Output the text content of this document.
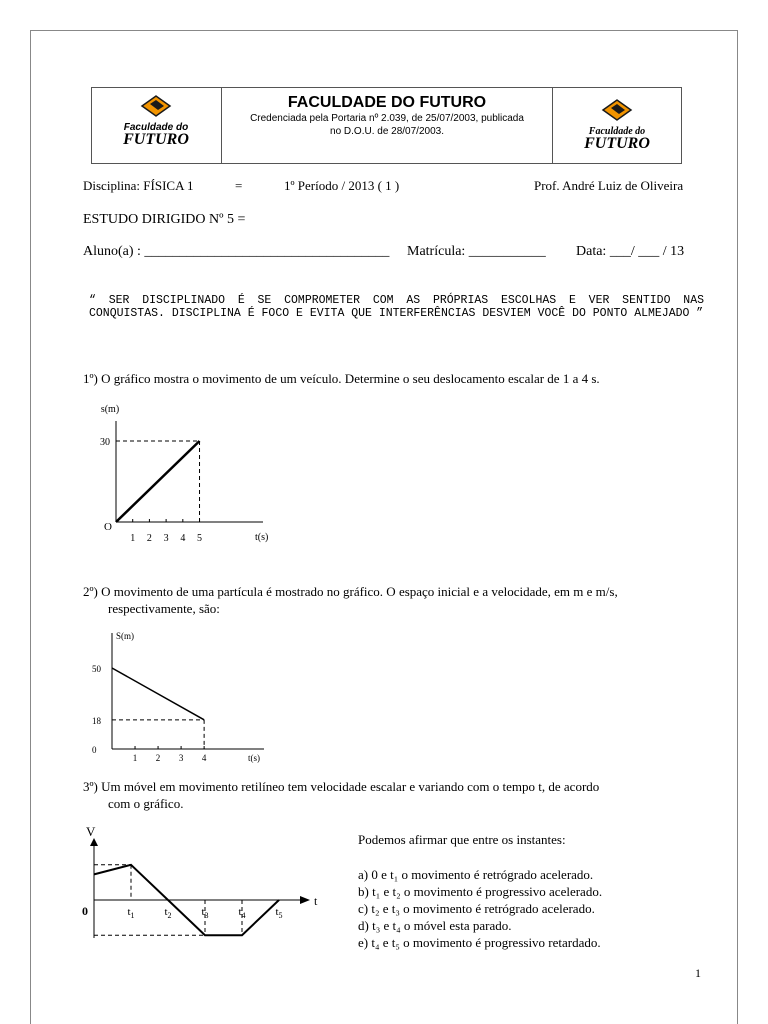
Faculdade do
FUTURO
FACULDADE DO FUTURO
Credenciada pela Portaria nº 2.039, de 25/07/2003, publicada
no D.O.U. de 28/07/2003.	Faculdade do
FUTURO
Disciplina: FÍSICA 1	=	1º Período / 2013 ( 1 )	Prof. André Luiz de Oliveira
ESTUDO DIRIGIDO Nº 5 =
Aluno(a) : ___________________________________ Matrícula: ___________ Data: ___/ ___ / 13
“ SER DISCIPLINADO É SE COMPROMETER COM AS PRÓPRIAS ESCOLHAS E VER SENTIDO NAS CONQUISTAS. DISCIPLINA É FOCO E EVITA QUE INTERFERÊNCIAS DESVIEM VOCÊ DO PONTO ALMEJADO ”
1º) O gráfico mostra o movimento de um veículo. Determine o seu deslocamento escalar de 1 a 4 s.
s(m)
t(s)
O
1 2 3 4 5
30
2º) O movimento de uma partícula é mostrado no gráfico. O espaço inicial e a velocidade, em m e m/s,
respectivamente, são:
S(m)
t(s)
1 2 3 4
0
18
50
3º) Um móvel em movimento retilíneo tem velocidade escalar e variando com o tempo t, de acordo
com o gráfico.
V
t
0	$t_1$	$t_2$	$t_3$	$t_4$	$t_5$
Podemos afirmar que entre os instantes:
a) 0 e t₁ o movimento é retrógrado acelerado.
b) t₁ e t₂ o movimento é progressivo acelerado.
c) t₂ e t₃ o movimento é retrógrado acelerado.
d) t₃ e t₄ o móvel esta parado.
e) t₄ e t₅ o movimento é progressivo retardado.
1
